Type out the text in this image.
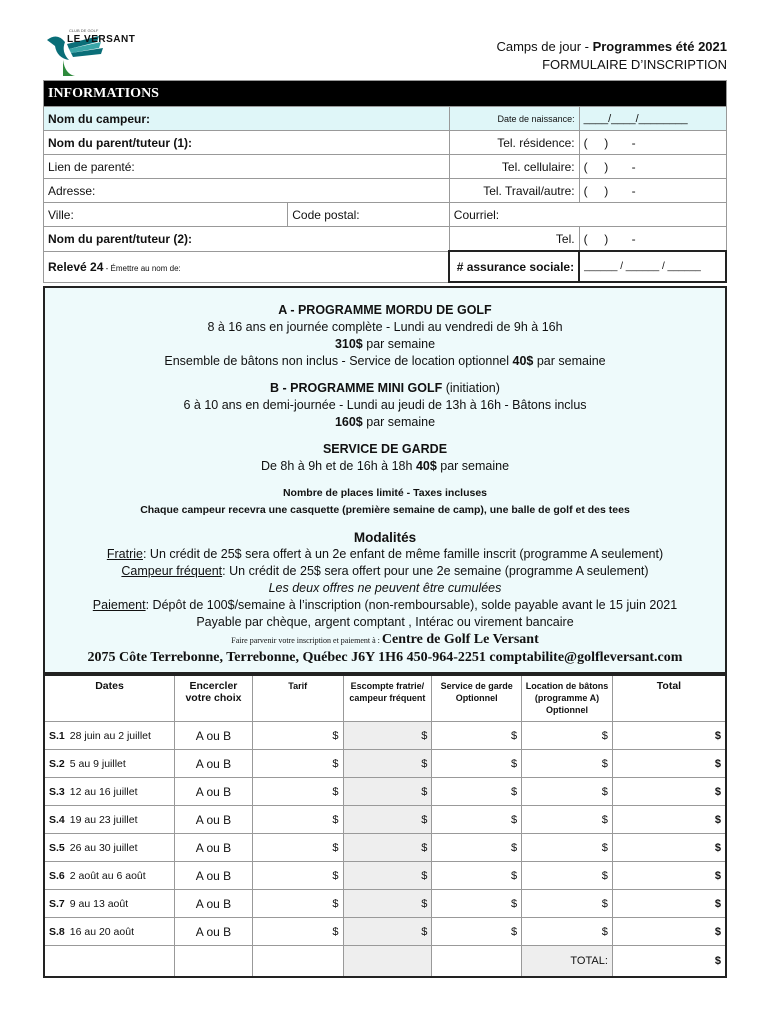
CLUB DE GOLF
LE VERSANT	Camps de jour - Programmes été 2021
FORMULAIRE D’INSCRIPTION
INFORMATIONS			
Nom du campeur:		Date de naissance:	____/____/________
Nom du parent/tuteur (1):		Tel. résidence:	(     )       -
Lien de parenté:		Tel. cellulaire:	(     )       -
Adresse:		Tel. Travail/autre:	(     )       -
Ville:	Code postal:	Courriel:	
Nom du parent/tuteur (2):		Tel.	(     )       -
Relevé 24 - Émettre au nom de:		# assurance sociale:	______ / ______ / ______

A - PROGRAMME MORDU DE GOLF

8 à 16 ans en journée complète - Lundi au vendredi de 9h à 16h

310$ par semaine

Ensemble de bâtons non inclus - Service de location optionnel 40$ par semaine

B - PROGRAMME MINI GOLF (initiation)

6 à 10 ans en demi-journée - Lundi au jeudi de 13h à 16h - Bâtons inclus

160$ par semaine

SERVICE DE GARDE

De 8h à 9h et de 16h à 18h 40$ par semaine

Nombre de places limité - Taxes incluses

Chaque campeur recevra une casquette (première semaine de camp), une balle de golf et des tees

Modalités

Fratrie: Un crédit de 25$ sera offert à un 2e enfant de même famille inscrit (programme A seulement)

Campeur fréquent: Un crédit de 25$ sera offert pour une 2e semaine (programme A seulement)

Les deux offres ne peuvent être cumulées

Paiement: Dépôt de 100$/semaine à l’inscription (non-remboursable), solde payable avant le 15 juin 2021

Payable par chèque, argent comptant , Intérac ou virement bancaire

Faire parvenir votre inscription et paiement à : Centre de Golf Le Versant

2075 Côte Terrebonne, Terrebonne, Québec J6Y 1H6 450-964-2251 comptabilite@golfleversant.com

Dates	Encercler votre choix	Tarif	Escompte fratrie/ campeur fréquent	Service de garde Optionnel	Location de bâtons (programme A) Optionnel	Total
S.1 28 juin au 2 juillet	A ou B	$	$	$	$	$
S.2 5 au 9 juillet	A ou B	$	$	$	$	$
S.3 12 au 16 juillet	A ou B	$	$	$	$	$
S.4 19 au 23 juillet	A ou B	$	$	$	$	$
S.5 26 au 30 juillet	A ou B	$	$	$	$	$
S.6 2 août au 6 août	A ou B	$	$	$	$	$
S.7 9 au 13 août	A ou B	$	$	$	$	$
S.8 16 au 20 août	A ou B	$	$	$	$	$
					TOTAL:	$
